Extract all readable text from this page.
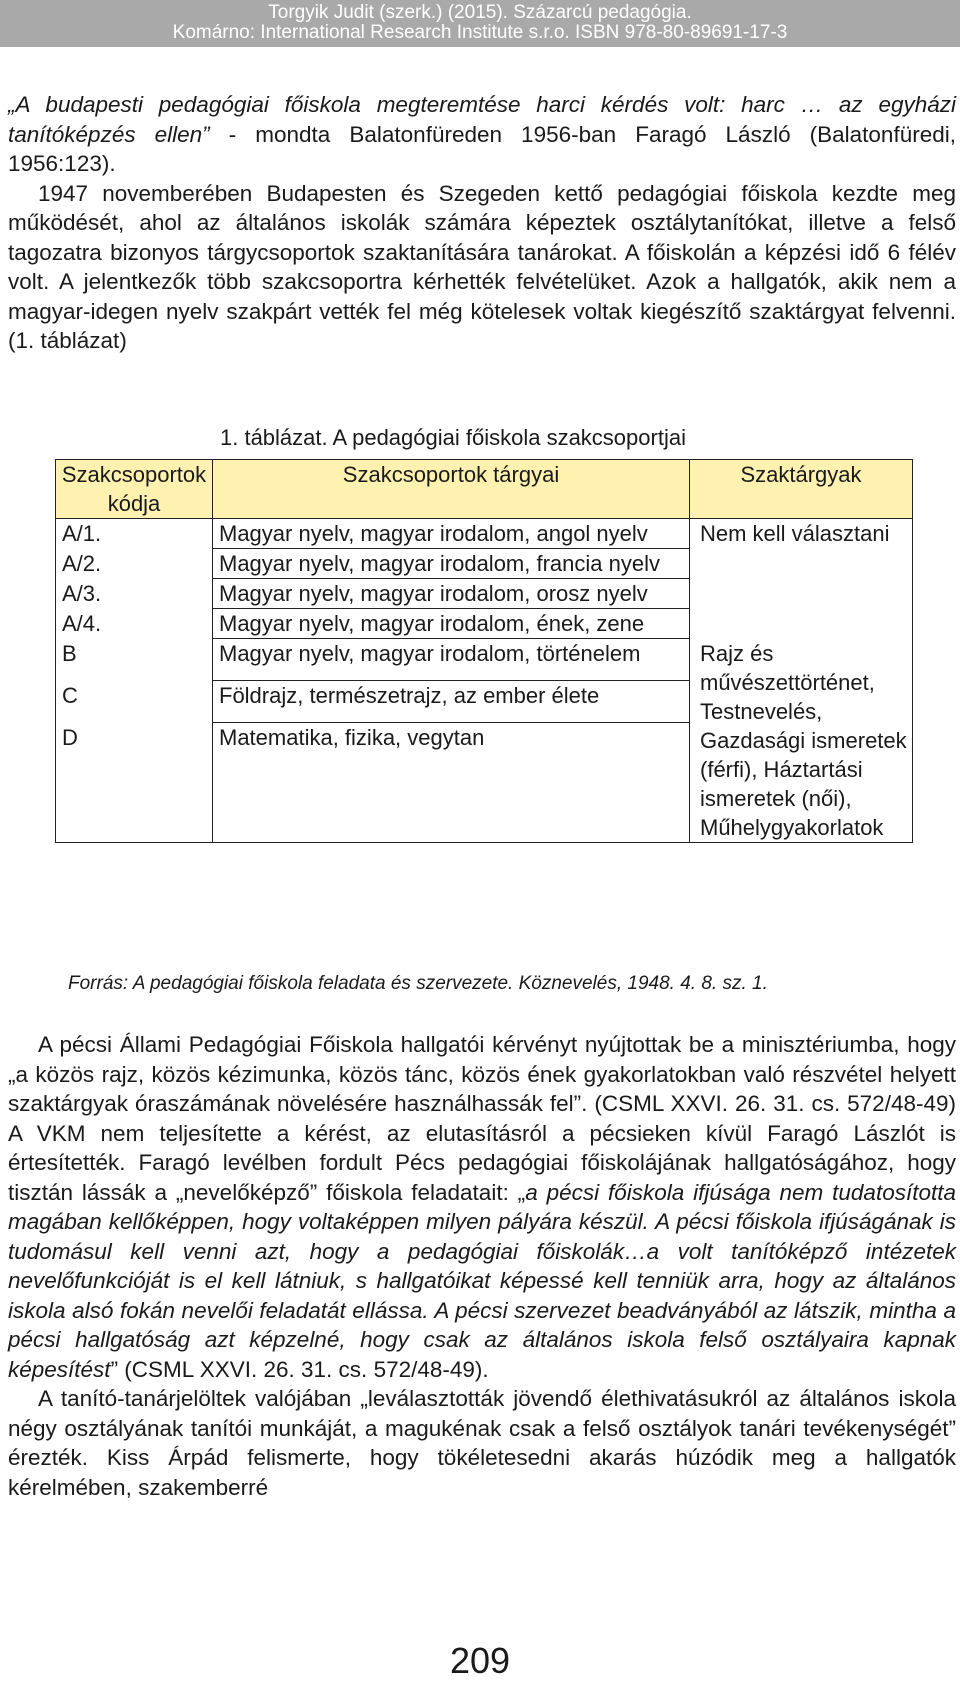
Torgyik Judit (szerk.) (2015). Százarcú pedagógia.
Komárno: International Research Institute s.r.o. ISBN 978-80-89691-17-3

„A budapesti pedagógiai főiskola megteremtése harci kérdés volt: harc … az egyházi tanítóképzés ellen” - mondta Balatonfüreden 1956-ban Faragó László (Balatonfüredi, 1956:123).

1947 novemberében Budapesten és Szegeden kettő pedagógiai főiskola kezdte meg működését, ahol az általános iskolák számára képeztek osztálytanítókat, illetve a felső tagozatra bizonyos tárgycsoportok szaktanítására tanárokat. A főiskolán a képzési idő 6 félév volt. A jelentkezők több szakcsoportra kérhették felvételüket. Azok a hallgatók, akik nem a magyar-idegen nyelv szakpárt vették fel még kötelesek voltak kiegészítő szaktárgyat felvenni. (1. táblázat)

1. táblázat. A pedagógiai főiskola szakcsoportjai
Szakcsoportok kódja	Szakcsoportok tárgyai	Szaktárgyak
A/1.	Magyar nyelv, magyar irodalom, angol nyelv	Nem kell választani
A/2.	Magyar nyelv, magyar irodalom, francia nyelv	
A/3.	Magyar nyelv, magyar irodalom, orosz nyelv	
A/4.	Magyar nyelv, magyar irodalom, ének, zene	
B	Magyar nyelv, magyar irodalom, történelem	Rajz és művészettörténet, Testnevelés, Gazdasági ismeretek (férfi), Háztartási ismeretek (női), Műhelygyakorlatok
C	Földrajz, természetrajz, az ember élete	
D	Matematika, fizika, vegytan	
Forrás: A pedagógiai főiskola feladata és szervezete. Köznevelés, 1948. 4. 8. sz. 1.

A pécsi Állami Pedagógiai Főiskola hallgatói kérvényt nyújtottak be a minisztériumba, hogy „a közös rajz, közös kézimunka, közös tánc, közös ének gyakorlatokban való részvétel helyett szaktárgyak óraszámának növelésére használhassák fel”. (CSML XXVI. 26. 31. cs. 572/48-49) A VKM nem teljesítette a kérést, az elutasításról a pécsieken kívül Faragó Lászlót is értesítették. Faragó levélben fordult Pécs pedagógiai főiskolájának hallgatóságához, hogy tisztán lássák a „nevelőképző” főiskola feladatait: „a pécsi főiskola ifjúsága nem tudatosította magában kellőképpen, hogy voltaképpen milyen pályára készül. A pécsi főiskola ifjúságának is tudomásul kell venni azt, hogy a pedagógiai főiskolák…a volt tanítóképző intézetek nevelőfunkcióját is el kell látniuk, s hallgatóikat képessé kell tenniük arra, hogy az általános iskola alsó fokán nevelői feladatát ellássa. A pécsi szervezet beadványából az látszik, mintha a pécsi hallgatóság azt képzelné, hogy csak az általános iskola felső osztályaira kapnak képesítést” (CSML XXVI. 26. 31. cs. 572/48-49).

A tanító-tanárjelöltek valójában „leválasztották jövendő élethivatásukról az általános iskola négy osztályának tanítói munkáját, a magukénak csak a felső osztályok tanári tevékenységét” érezték. Kiss Árpád felismerte, hogy tökéletesedni akarás húzódik meg a hallgatók kérelmében, szakemberré

209
